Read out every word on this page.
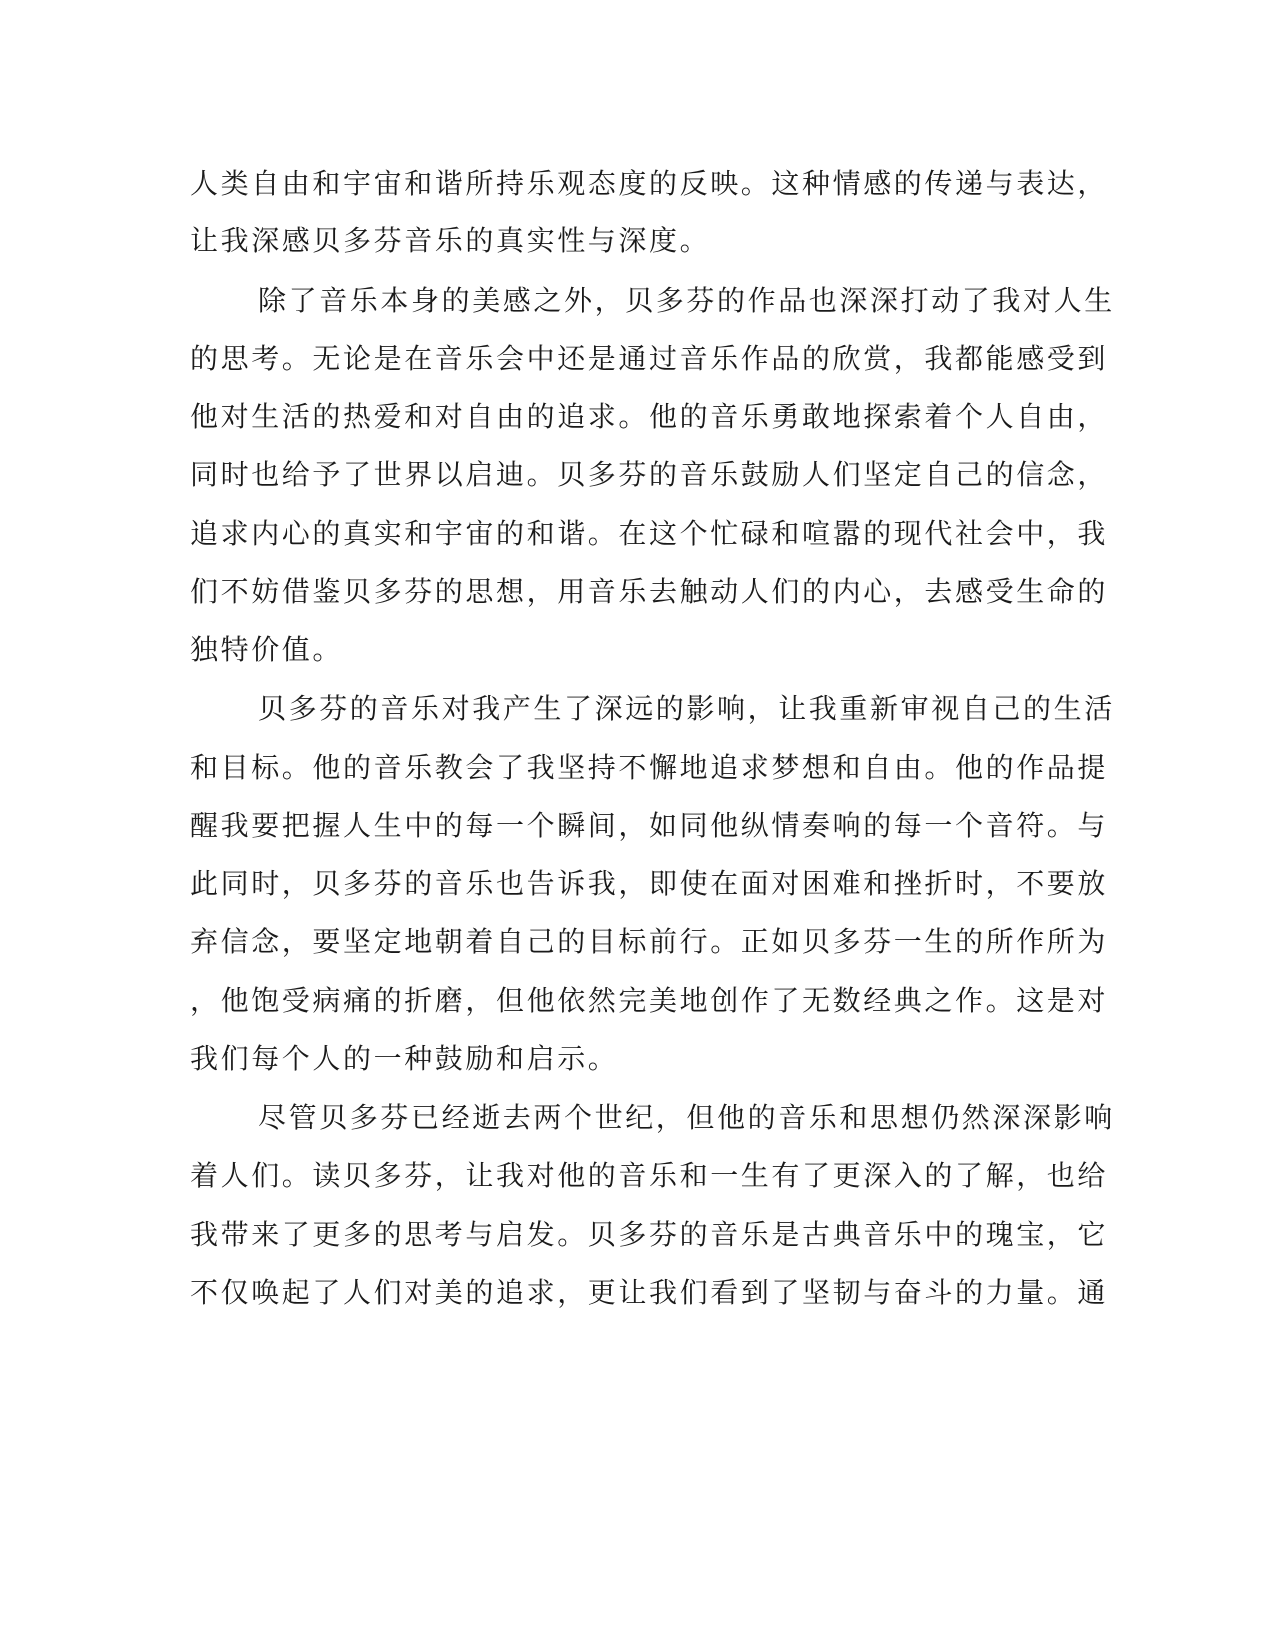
人类自由和宇宙和谐所持乐观态度的反映。这种情感的传递与表达，
让我深感贝多芬音乐的真实性与深度。
除了音乐本身的美感之外，贝多芬的作品也深深打动了我对人生
的思考。无论是在音乐会中还是通过音乐作品的欣赏，我都能感受到
他对生活的热爱和对自由的追求。他的音乐勇敢地探索着个人自由，
同时也给予了世界以启迪。贝多芬的音乐鼓励人们坚定自己的信念，
追求内心的真实和宇宙的和谐。在这个忙碌和喧嚣的现代社会中，我
们不妨借鉴贝多芬的思想，用音乐去触动人们的内心，去感受生命的
独特价值。
贝多芬的音乐对我产生了深远的影响，让我重新审视自己的生活
和目标。他的音乐教会了我坚持不懈地追求梦想和自由。他的作品提
醒我要把握人生中的每一个瞬间，如同他纵情奏响的每一个音符。与
此同时，贝多芬的音乐也告诉我，即使在面对困难和挫折时，不要放
弃信念，要坚定地朝着自己的目标前行。正如贝多芬一生的所作所为
，他饱受病痛的折磨，但他依然完美地创作了无数经典之作。这是对
我们每个人的一种鼓励和启示。
尽管贝多芬已经逝去两个世纪，但他的音乐和思想仍然深深影响
着人们。读贝多芬，让我对他的音乐和一生有了更深入的了解，也给
我带来了更多的思考与启发。贝多芬的音乐是古典音乐中的瑰宝，它
不仅唤起了人们对美的追求，更让我们看到了坚韧与奋斗的力量。通
